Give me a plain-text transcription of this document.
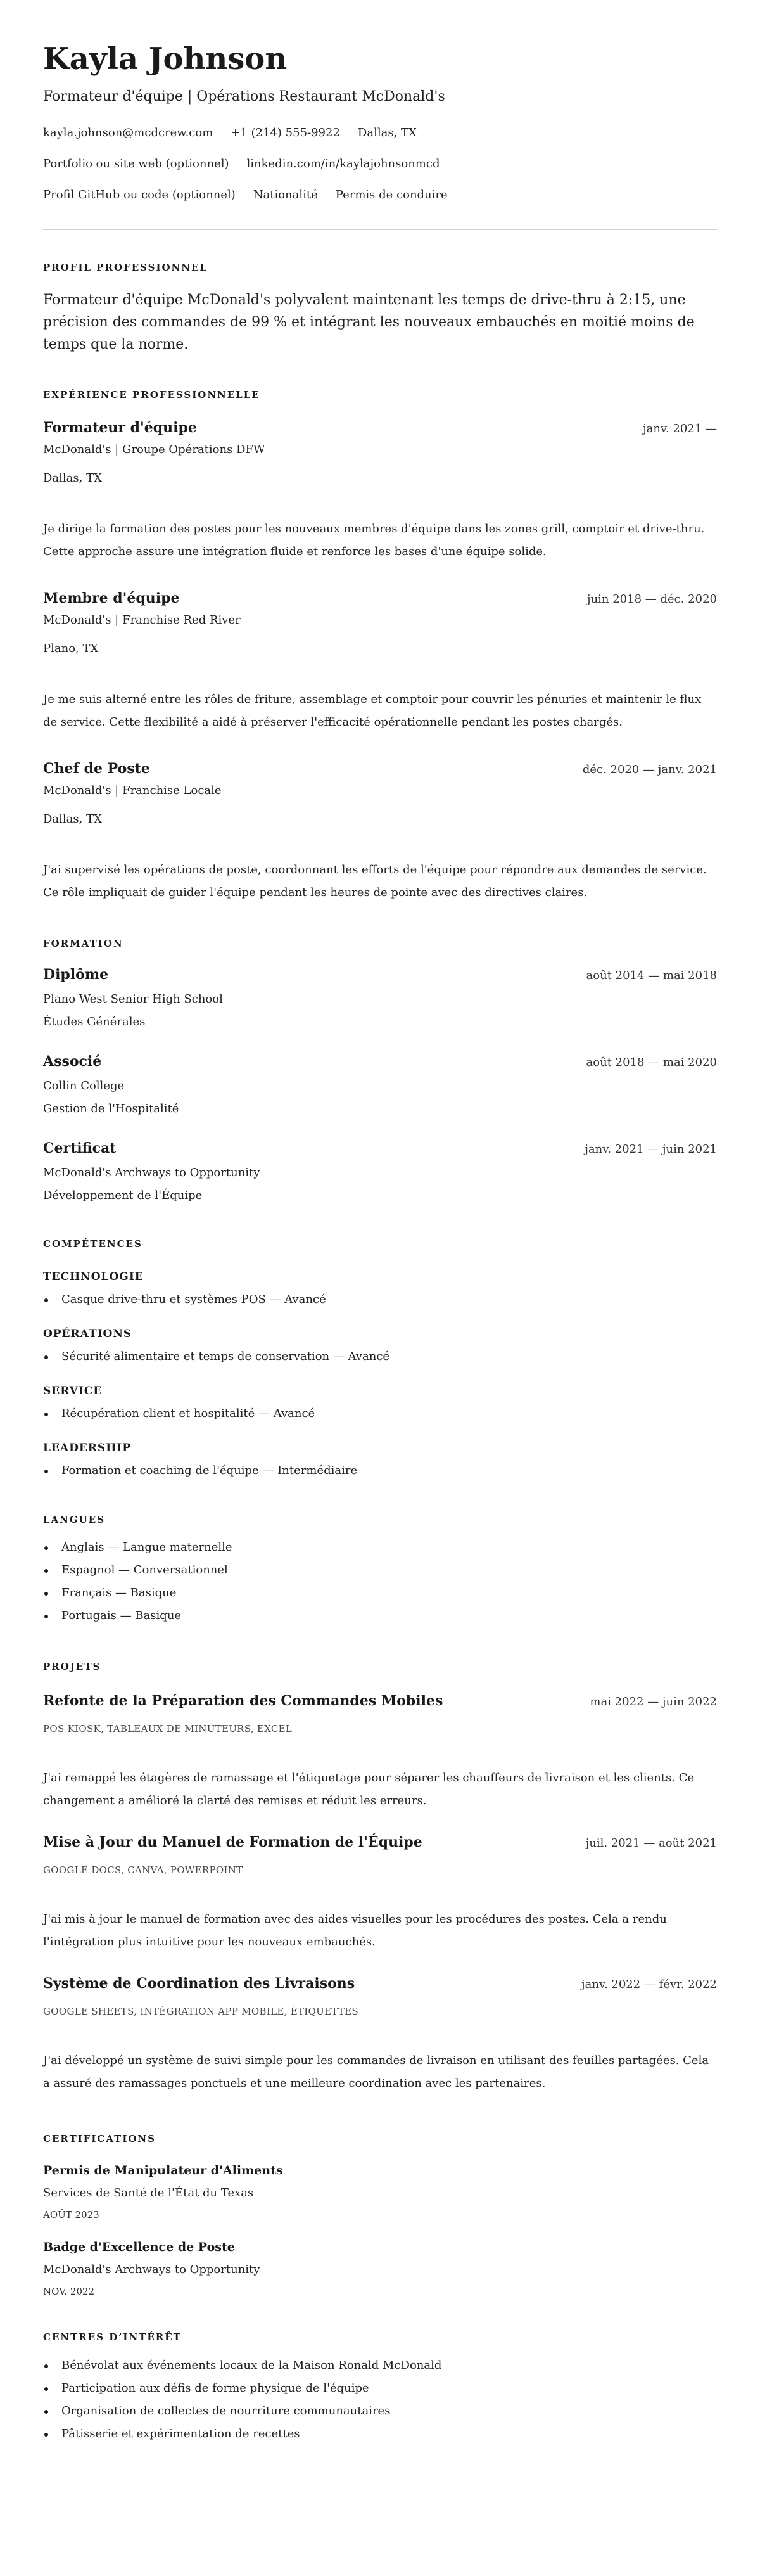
Kayla Johnson
Formateur d'équipe | Opérations Restaurant McDonald's
kayla.johnson@mcdcrew.com +1 (214) 555-9922 Dallas, TX
Portfolio ou site web (optionnel) linkedin.com/in/kaylajohnsonmcd
Profil GitHub ou code (optionnel) Nationalité Permis de conduire
PROFIL PROFESSIONNEL

Formateur d'équipe McDonald's polyvalent maintenant les temps de drive-thru à 2:15, une précision des commandes de 99 % et intégrant les nouveaux embauchés en moitié moins de temps que la norme.

EXPÉRIENCE PROFESSIONNELLE
Formateur d'équipe	janv. 2021 —
McDonald's | Groupe Opérations DFW
Dallas, TX
Je dirige la formation des postes pour les nouveaux membres d'équipe dans les zones grill, comptoir et drive-thru. Cette approche assure une intégration fluide et renforce les bases d'une équipe solide.
Membre d'équipe	juin 2018 — déc. 2020
McDonald's | Franchise Red River
Plano, TX
Je me suis alterné entre les rôles de friture, assemblage et comptoir pour couvrir les pénuries et maintenir le flux de service. Cette flexibilité a aidé à préserver l'efficacité opérationnelle pendant les postes chargés.
Chef de Poste	déc. 2020 — janv. 2021
McDonald's | Franchise Locale
Dallas, TX
J'ai supervisé les opérations de poste, coordonnant les efforts de l'équipe pour répondre aux demandes de service. Ce rôle impliquait de guider l'équipe pendant les heures de pointe avec des directives claires.
FORMATION
Diplôme	août 2014 — mai 2018
Plano West Senior High School
Études Générales
Associé	août 2018 — mai 2020
Collin College
Gestion de l'Hospitalité
Certificat	janv. 2021 — juin 2021
McDonald's Archways to Opportunity
Développement de l'Équipe
COMPÉTENCES
TECHNOLOGIE
Casque drive-thru et systèmes POS — Avancé
OPÉRATIONS
Sécurité alimentaire et temps de conservation — Avancé
SERVICE
Récupération client et hospitalité — Avancé
LEADERSHIP
Formation et coaching de l'équipe — Intermédiaire
LANGUES
Anglais — Langue maternelle
Espagnol — Conversationnel
Français — Basique
Portugais — Basique
PROJETS
Refonte de la Préparation des Commandes Mobiles	mai 2022 — juin 2022
POS KIOSK, TABLEAUX DE MINUTEURS, EXCEL
J'ai remappé les étagères de ramassage et l'étiquetage pour séparer les chauffeurs de livraison et les clients. Ce changement a amélioré la clarté des remises et réduit les erreurs.
Mise à Jour du Manuel de Formation de l'Équipe	juil. 2021 — août 2021
GOOGLE DOCS, CANVA, POWERPOINT
J'ai mis à jour le manuel de formation avec des aides visuelles pour les procédures des postes. Cela a rendu l'intégration plus intuitive pour les nouveaux embauchés.
Système de Coordination des Livraisons	janv. 2022 — févr. 2022
GOOGLE SHEETS, INTÉGRATION APP MOBILE, ÉTIQUETTES
J'ai développé un système de suivi simple pour les commandes de livraison en utilisant des feuilles partagées. Cela a assuré des ramassages ponctuels et une meilleure coordination avec les partenaires.
CERTIFICATIONS
Permis de Manipulateur d'Aliments
Services de Santé de l'État du Texas
AOÛT 2023
Badge d'Excellence de Poste
McDonald's Archways to Opportunity
NOV. 2022
CENTRES D’INTÉRÊT
Bénévolat aux événements locaux de la Maison Ronald McDonald
Participation aux défis de forme physique de l'équipe
Organisation de collectes de nourriture communautaires
Pâtisserie et expérimentation de recettes
